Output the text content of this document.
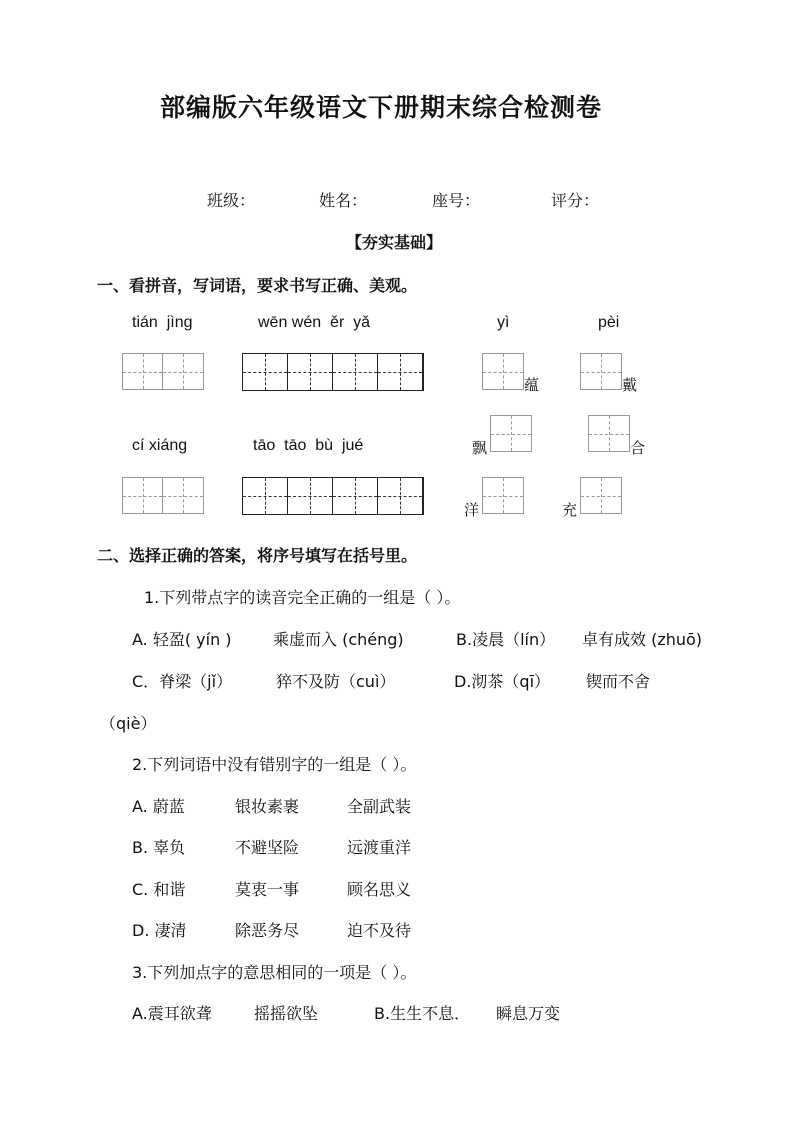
部编版六年级语文下册期末综合检测卷
班级：	姓名：	座号：	评分：
【夯实基础】
一、看拼音，写词语，要求书写正确、美观。
tián  jìng	wēn wén  ěr  yǎ	yì	pèi
蕴	戴
cí xiáng	tāo  tāo  bù  jué	飘	合
洋	充
二、选择正确的答案，将序号填写在括号里。
1.下列带点字的读音完全正确的一组是（ ）。
A. 轻盈( yín )	乘虚而入 (chéng)	B.凌晨（lín） 卓有成效 (zhuō)
C．脊梁（jǐ）	猝不及防（cuì）	D.沏茶（qī） 锲而不舍
（qiè）
2.下列词语中没有错别字的一组是（ ）。
A. 蔚蓝	银妆素裹	全副武装
B. 辜负	不避坚险	远渡重洋
C. 和谐	莫衷一事	顾名思义
D. 凄清	除恶务尽	迫不及待
3.下列加点字的意思相同的一项是（ ）。
A.震耳欲聋	摇摇欲坠	B.生生不息． 瞬息万变
